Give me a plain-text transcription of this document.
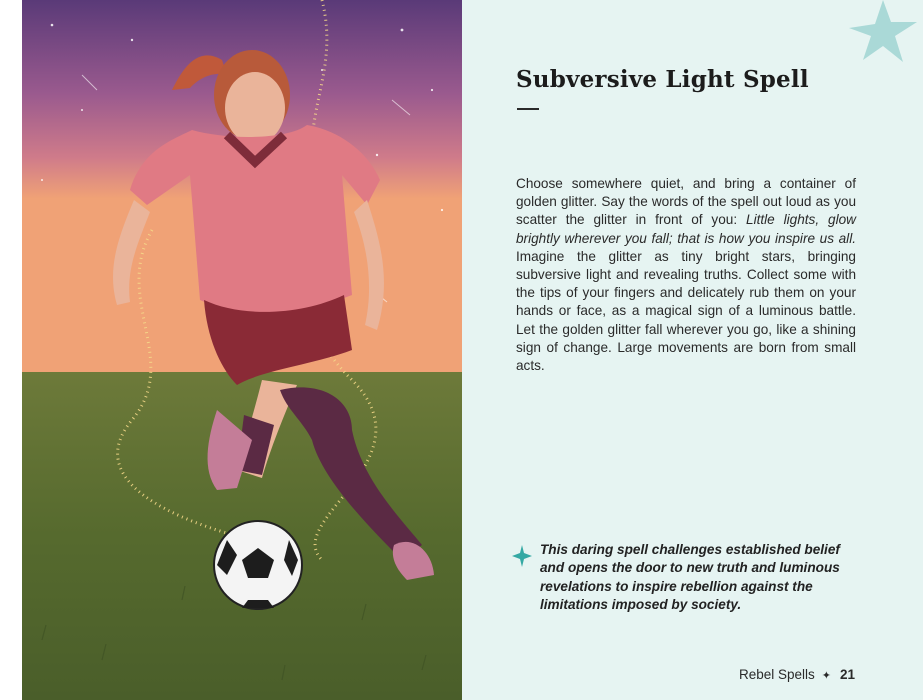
Subversive Light Spell

Choose somewhere quiet, and bring a container of golden glitter. Say the words of the spell out loud as you scatter the glitter in front of you: Little lights, glow brightly wherever you fall; that is how you inspire us all. Imagine the glitter as tiny bright stars, bringing subversive light and revealing truths. Collect some with the tips of your fingers and delicately rub them on your hands or face, as a magical sign of a luminous battle. Let the golden glitter fall wherever you go, like a shining sign of change. Large movements are born from small acts.

This daring spell challenges established belief and opens the door to new truth and luminous revelations to inspire rebellion against the limitations imposed by society.

Rebel Spells ✦ 21
